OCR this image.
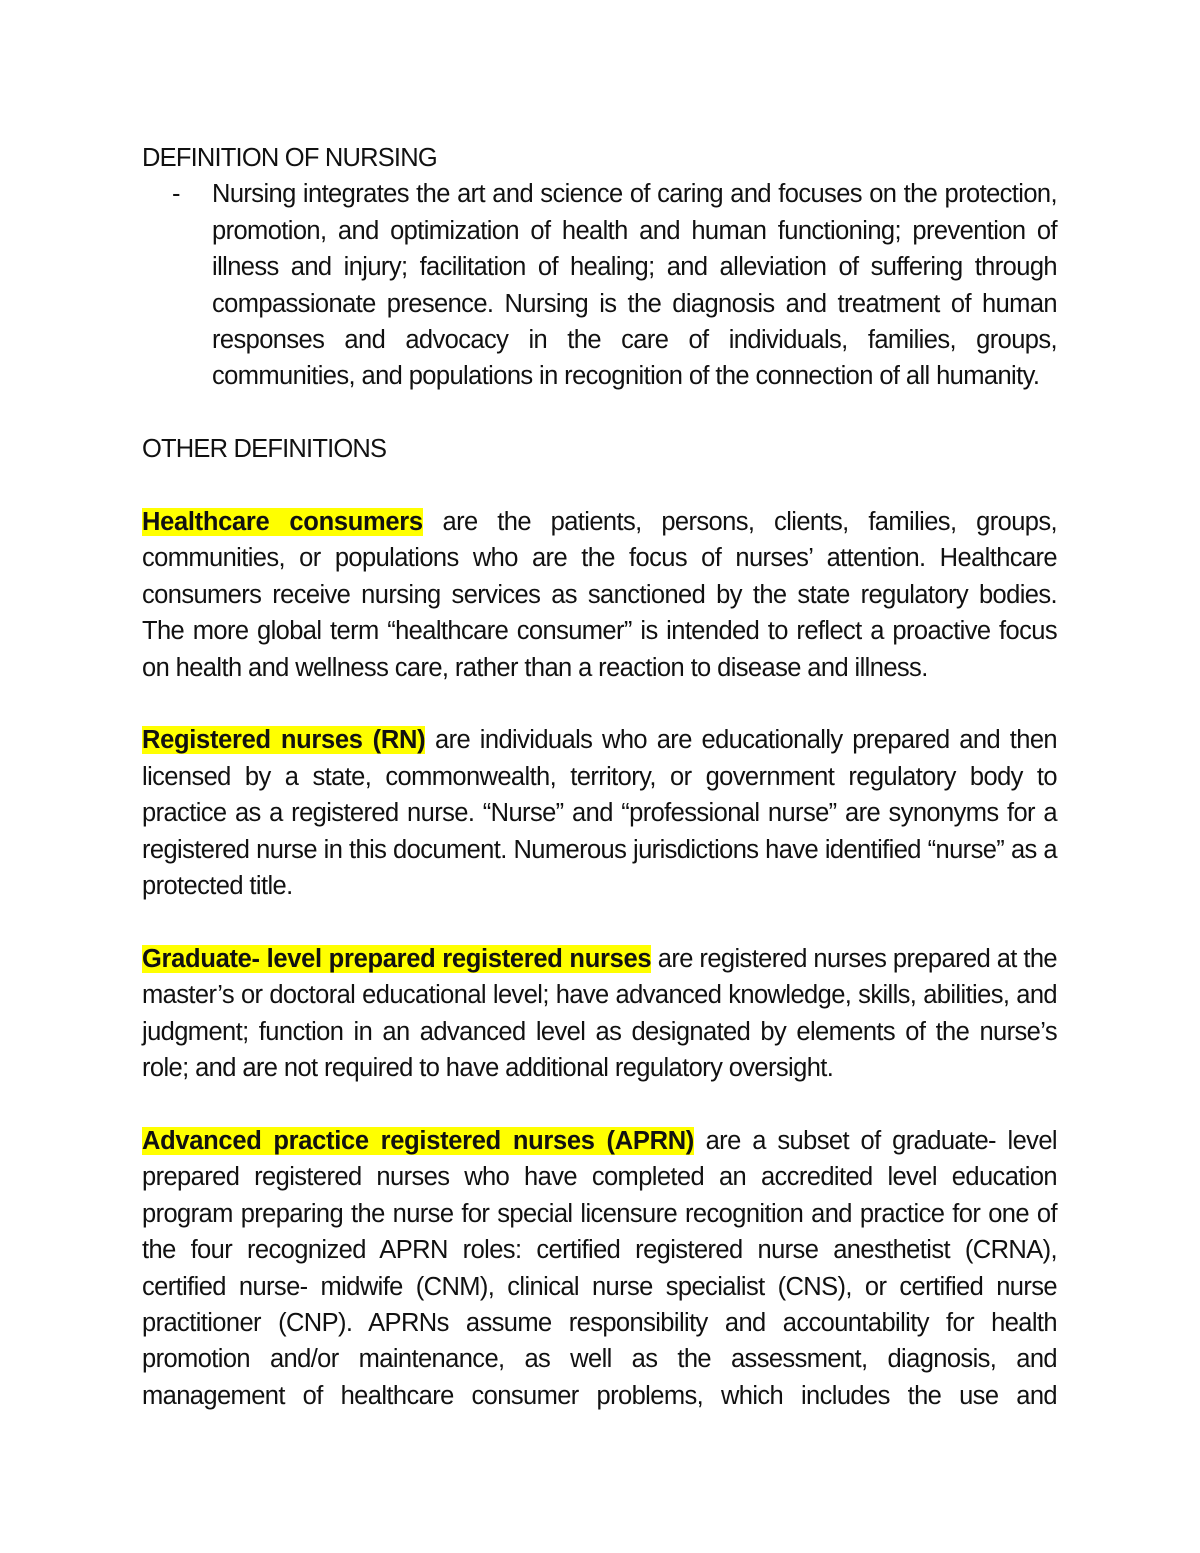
DEFINITION OF NURSING

- Nursing integrates the art and science of caring and focuses on the protection, promotion, and optimization of health and human functioning; prevention of illness and injury; facilitation of healing; and alleviation of suffering through compassionate presence. Nursing is the diagnosis and treatment of human responses and advocacy in the care of individuals, families, groups, communities, and populations in recognition of the connection of all humanity.

OTHER DEFINITIONS

Healthcare consumers are the patients, persons, clients, families, groups, communities, or populations who are the focus of nurses’ attention. Healthcare consumers receive nursing services as sanctioned by the state regulatory bodies. The more global term “healthcare consumer” is intended to reflect a proactive focus on health and wellness care, rather than a reaction to disease and illness.

Registered nurses (RN) are individuals who are educationally prepared and then licensed by a state, commonwealth, territory, or government regulatory body to practice as a registered nurse. “Nurse” and “professional nurse” are synonyms for a registered nurse in this document. Numerous jurisdictions have identified “nurse” as a protected title.

Graduate- level prepared registered nurses are registered nurses prepared at the master’s or doctoral educational level; have advanced knowledge, skills, abilities, and judgment; function in an advanced level as designated by elements of the nurse’s role; and are not required to have additional regulatory oversight.

Advanced practice registered nurses (APRN) are a subset of graduate- level prepared registered nurses who have completed an accredited level education program preparing the nurse for special licensure recognition and practice for one of the four recognized APRN roles: certified registered nurse anesthetist (CRNA), certified nurse- midwife (CNM), clinical nurse specialist (CNS), or certified nurse practitioner (CNP). APRNs assume responsibility and accountability for health promotion and/or maintenance, as well as the assessment, diagnosis, and management of healthcare consumer problems, which includes the use and
